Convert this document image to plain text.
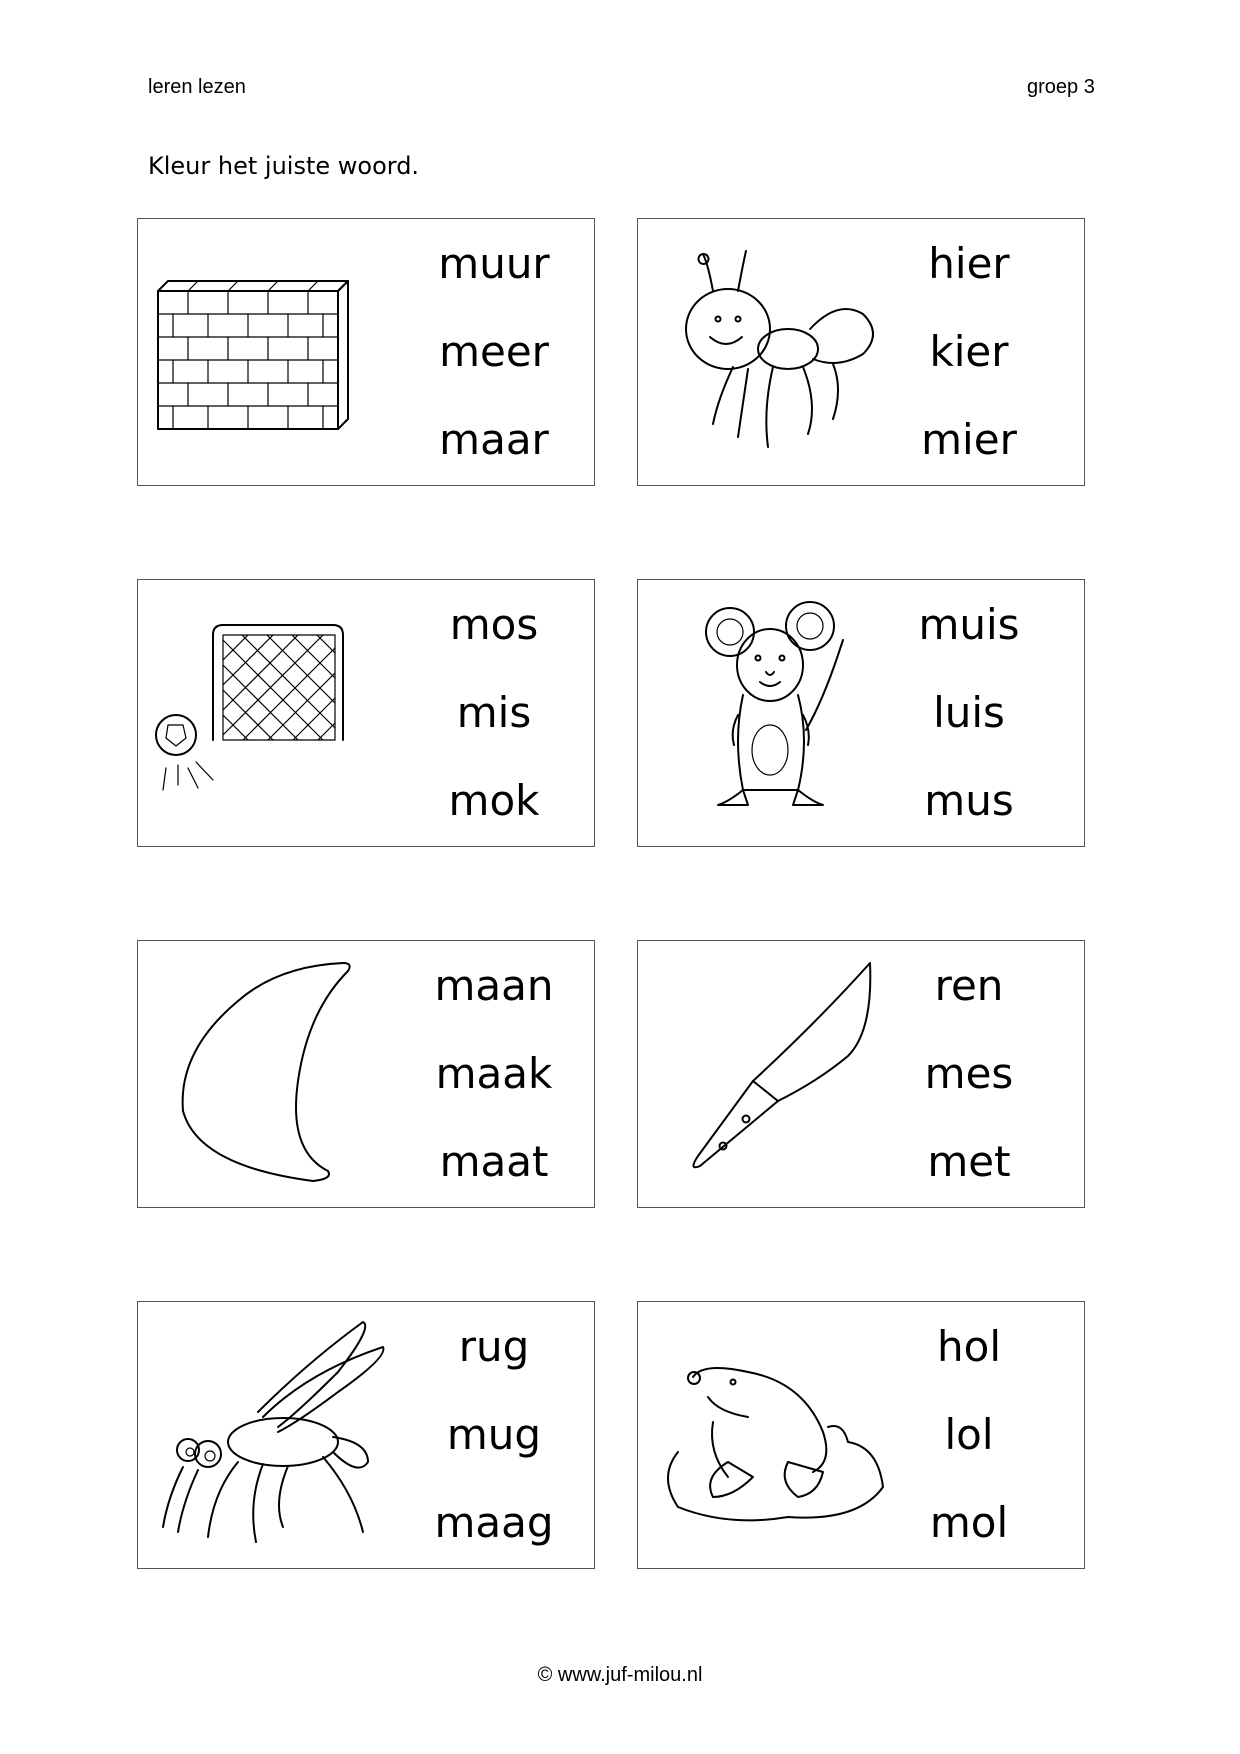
leren lezen	groep 3
Kleur het juiste woord.
muur
meer
maar
hier
kier
mier
mos
mis
mok
muis
luis
mus
maan
maak
maat
ren
mes
met
rug
mug
maag
hol
lol
mol
© www.juf-milou.nl
